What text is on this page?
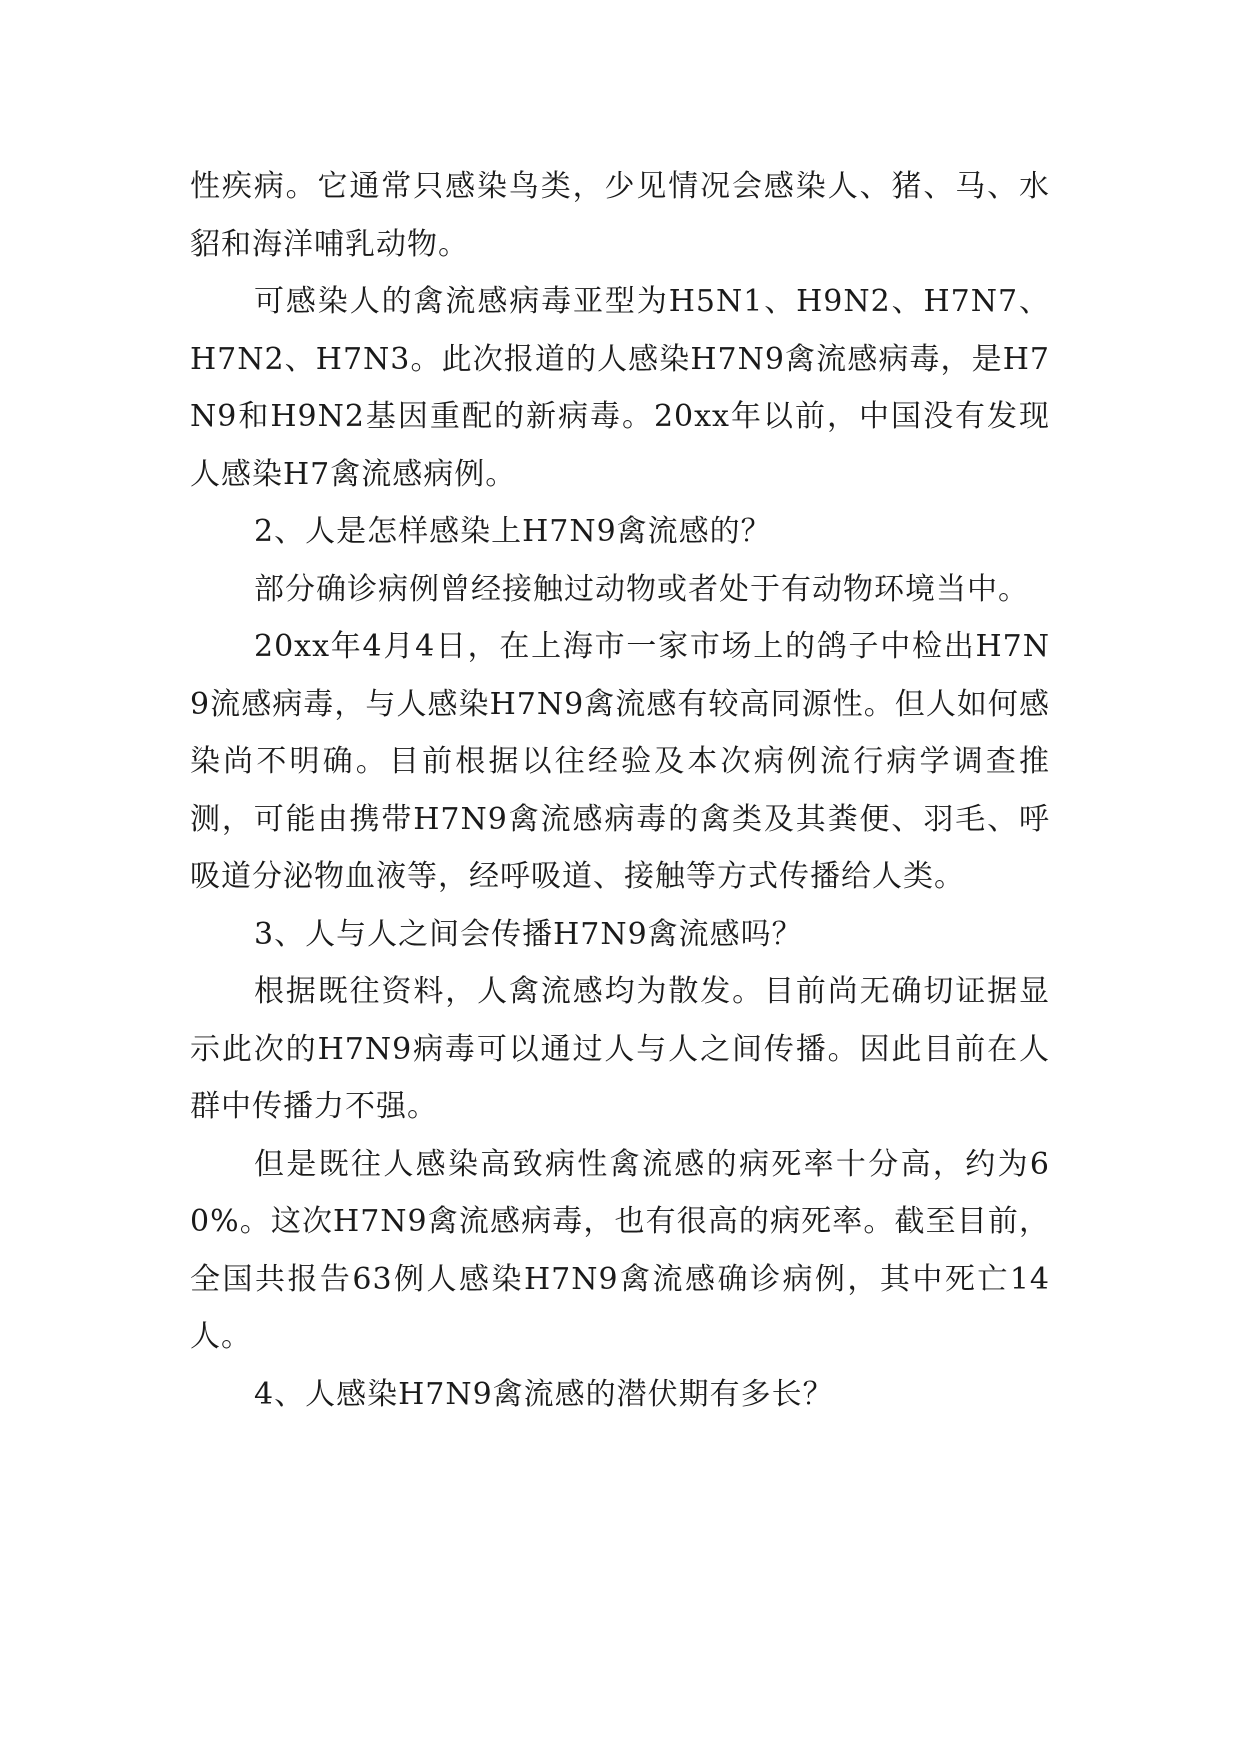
性疾病。它通常只感染鸟类，少见情况会感染人、猪、马、水貂和海洋哺乳动物。

可感染人的禽流感病毒亚型为H5N1、H9N2、H7N7、H7N2、H7N3。此次报道的人感染H7N9禽流感病毒，是H7N9和H9N2基因重配的新病毒。20xx年以前，中国没有发现人感染H7禽流感病例。

2、人是怎样感染上H7N9禽流感的？

部分确诊病例曾经接触过动物或者处于有动物环境当中。

20xx年4月4日，在上海市一家市场上的鸽子中检出H7N9流感病毒，与人感染H7N9禽流感有较高同源性。但人如何感染尚不明确。目前根据以往经验及本次病例流行病学调查推测，可能由携带H7N9禽流感病毒的禽类及其粪便、羽毛、呼吸道分泌物血液等，经呼吸道、接触等方式传播给人类。

3、人与人之间会传播H7N9禽流感吗？

根据既往资料，人禽流感均为散发。目前尚无确切证据显示此次的H7N9病毒可以通过人与人之间传播。因此目前在人群中传播力不强。

但是既往人感染高致病性禽流感的病死率十分高，约为60%。这次H7N9禽流感病毒，也有很高的病死率。截至目前，全国共报告63例人感染H7N9禽流感确诊病例，其中死亡14人。

4、人感染H7N9禽流感的潜伏期有多长？
